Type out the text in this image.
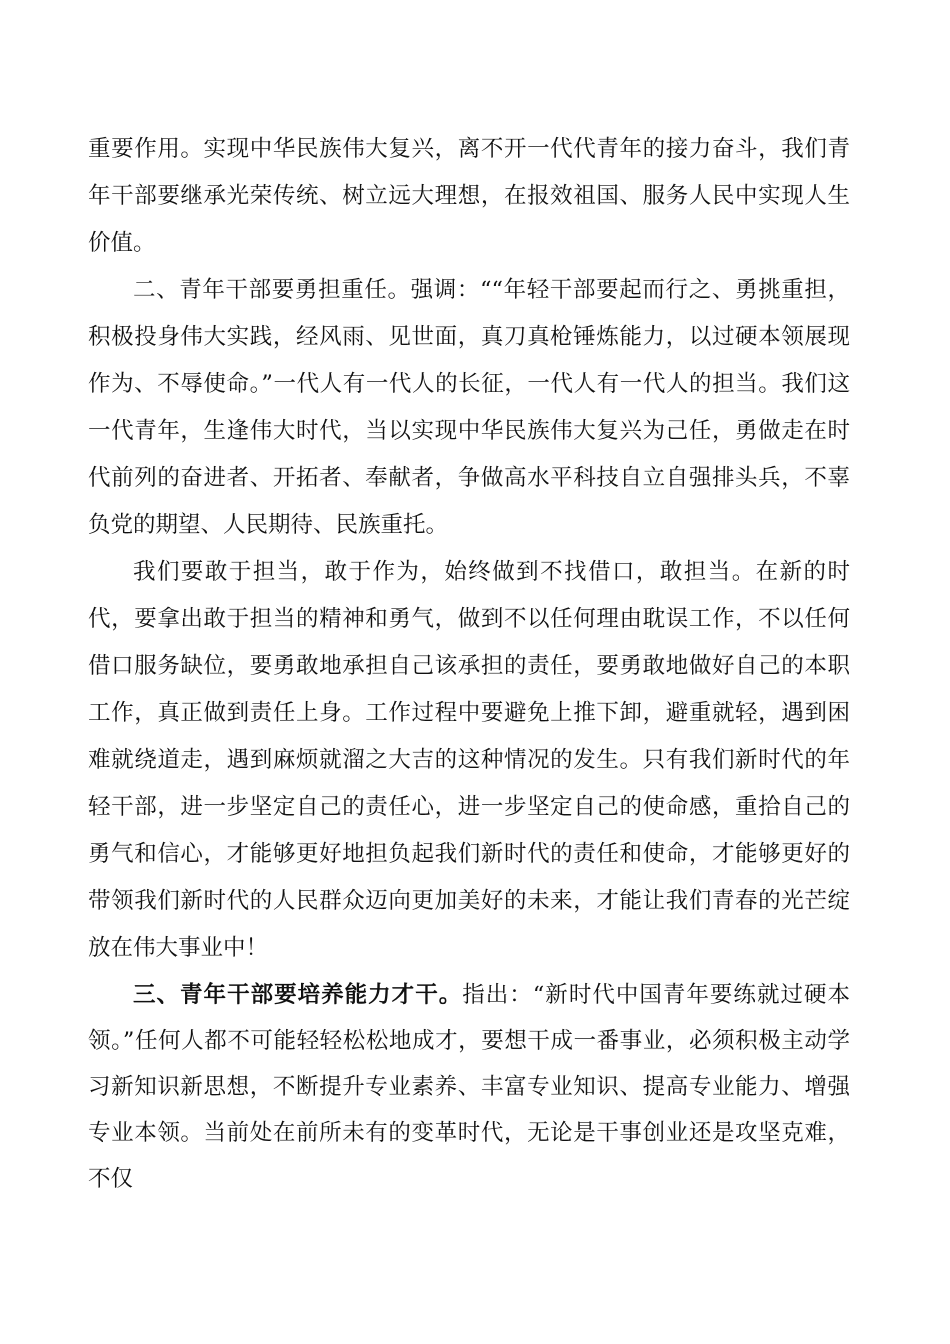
重要作用。实现中华民族伟大复兴，离不开一代代青年的接力奋斗，我们青年干部要继承光荣传统、树立远大理想，在报效祖国、服务人民中实现人生价值。

二、青年干部要勇担重任。强调：““年轻干部要起而行之、勇挑重担，积极投身伟大实践，经风雨、见世面，真刀真枪锤炼能力，以过硬本领展现作为、不辱使命。”一代人有一代人的长征，一代人有一代人的担当。我们这一代青年，生逢伟大时代，当以实现中华民族伟大复兴为己任，勇做走在时代前列的奋进者、开拓者、奉献者，争做高水平科技自立自强排头兵，不辜负党的期望、人民期待、民族重托。

我们要敢于担当，敢于作为，始终做到不找借口，敢担当。在新的时代，要拿出敢于担当的精神和勇气，做到不以任何理由耽误工作，不以任何借口服务缺位，要勇敢地承担自己该承担的责任，要勇敢地做好自己的本职工作，真正做到责任上身。工作过程中要避免上推下卸，避重就轻，遇到困难就绕道走，遇到麻烦就溜之大吉的这种情况的发生。只有我们新时代的年轻干部，进一步坚定自己的责任心，进一步坚定自己的使命感，重拾自己的勇气和信心，才能够更好地担负起我们新时代的责任和使命，才能够更好的带领我们新时代的人民群众迈向更加美好的未来，才能让我们青春的光芒绽放在伟大事业中！

三、青年干部要培养能力才干。指出：“新时代中国青年要练就过硬本领。”任何人都不可能轻轻松松地成才，要想干成一番事业，必须积极主动学习新知识新思想，不断提升专业素养、丰富专业知识、提高专业能力、增强专业本领。当前处在前所未有的变革时代，无论是干事创业还是攻坚克难，不仅
